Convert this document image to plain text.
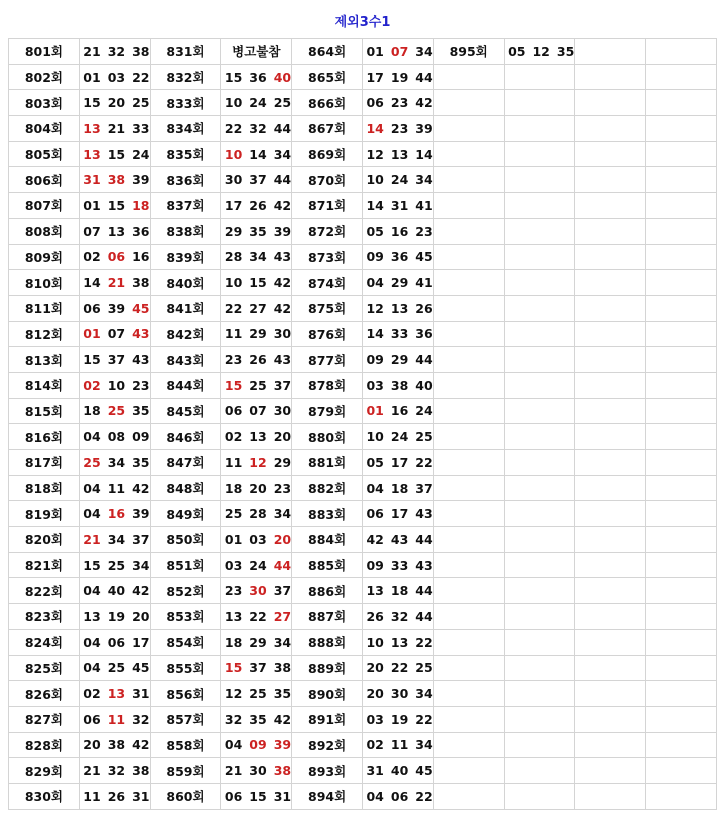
제외3수1
801회	21 32 38	831회	병고불참	864회	01 07 34	895회	05 12 35		
802회	01 03 22	832회	15 36 40	865회	17 19 44				
803회	15 20 25	833회	10 24 25	866회	06 23 42				
804회	13 21 33	834회	22 32 44	867회	14 23 39				
805회	13 15 24	835회	10 14 34	869회	12 13 14				
806회	31 38 39	836회	30 37 44	870회	10 24 34				
807회	01 15 18	837회	17 26 42	871회	14 31 41				
808회	07 13 36	838회	29 35 39	872회	05 16 23				
809회	02 06 16	839회	28 34 43	873회	09 36 45				
810회	14 21 38	840회	10 15 42	874회	04 29 41				
811회	06 39 45	841회	22 27 42	875회	12 13 26				
812회	01 07 43	842회	11 29 30	876회	14 33 36				
813회	15 37 43	843회	23 26 43	877회	09 29 44				
814회	02 10 23	844회	15 25 37	878회	03 38 40				
815회	18 25 35	845회	06 07 30	879회	01 16 24				
816회	04 08 09	846회	02 13 20	880회	10 24 25				
817회	25 34 35	847회	11 12 29	881회	05 17 22				
818회	04 11 42	848회	18 20 23	882회	04 18 37				
819회	04 16 39	849회	25 28 34	883회	06 17 43				
820회	21 34 37	850회	01 03 20	884회	42 43 44				
821회	15 25 34	851회	03 24 44	885회	09 33 43				
822회	04 40 42	852회	23 30 37	886회	13 18 44				
823회	13 19 20	853회	13 22 27	887회	26 32 44				
824회	04 06 17	854회	18 29 34	888회	10 13 22				
825회	04 25 45	855회	15 37 38	889회	20 22 25				
826회	02 13 31	856회	12 25 35	890회	20 30 34				
827회	06 11 32	857회	32 35 42	891회	03 19 22				
828회	20 38 42	858회	04 09 39	892회	02 11 34				
829회	21 32 38	859회	21 30 38	893회	31 40 45				
830회	11 26 31	860회	06 15 31	894회	04 06 22				
